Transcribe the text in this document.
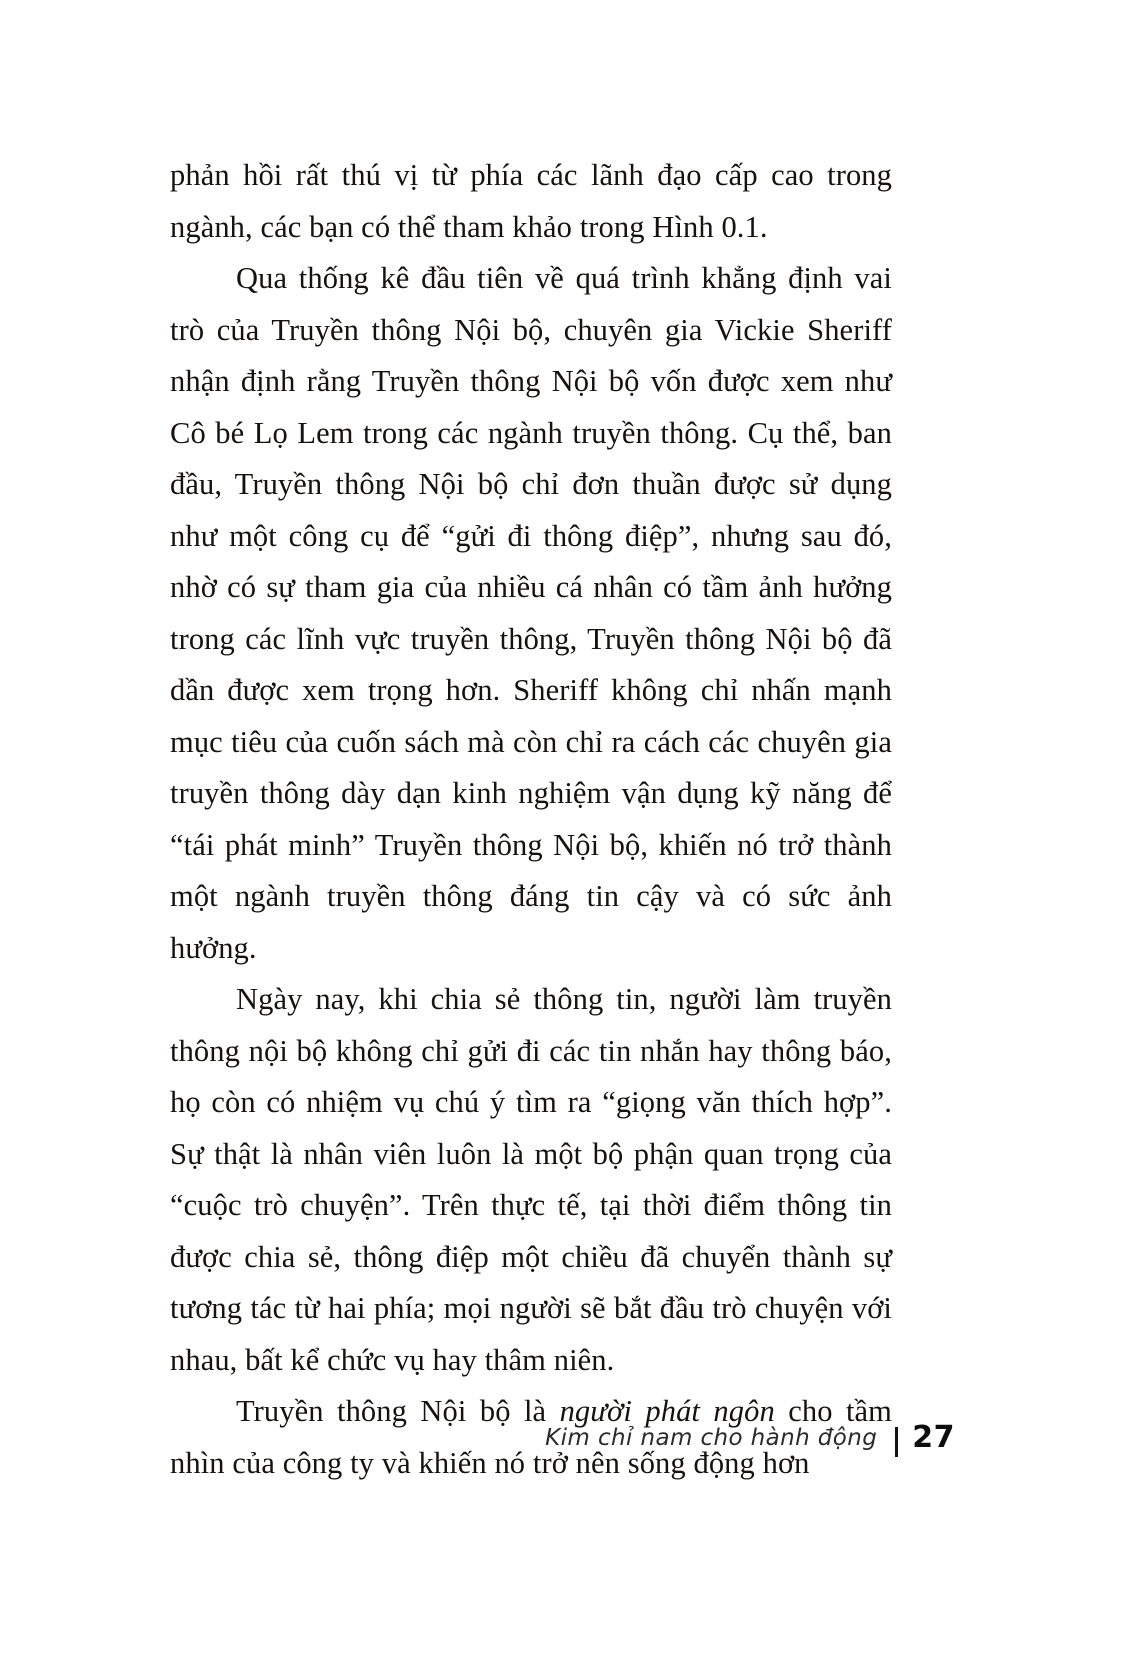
phản hồi rất thú vị từ phía các lãnh đạo cấp cao trong ngành, các bạn có thể tham khảo trong Hình 0.1.

Qua thống kê đầu tiên về quá trình khẳng định vai trò của Truyền thông Nội bộ, chuyên gia Vickie Sheriff nhận định rằng Truyền thông Nội bộ vốn được xem như Cô bé Lọ Lem trong các ngành truyền thông. Cụ thể, ban đầu, Truyền thông Nội bộ chỉ đơn thuần được sử dụng như một công cụ để “gửi đi thông điệp”, nhưng sau đó, nhờ có sự tham gia của nhiều cá nhân có tầm ảnh hưởng trong các lĩnh vực truyền thông, Truyền thông Nội bộ đã dần được xem trọng hơn. Sheriff không chỉ nhấn mạnh mục tiêu của cuốn sách mà còn chỉ ra cách các chuyên gia truyền thông dày dạn kinh nghiệm vận dụng kỹ năng để “tái phát minh” Truyền thông Nội bộ, khiến nó trở thành một ngành truyền thông đáng tin cậy và có sức ảnh hưởng.

Ngày nay, khi chia sẻ thông tin, người làm truyền thông nội bộ không chỉ gửi đi các tin nhắn hay thông báo, họ còn có nhiệm vụ chú ý tìm ra “giọng văn thích hợp”. Sự thật là nhân viên luôn là một bộ phận quan trọng của “cuộc trò chuyện”. Trên thực tế, tại thời điểm thông tin được chia sẻ, thông điệp một chiều đã chuyển thành sự tương tác từ hai phía; mọi người sẽ bắt đầu trò chuyện với nhau, bất kể chức vụ hay thâm niên.

Truyền thông Nội bộ là người phát ngôn cho tầm nhìn của công ty và khiến nó trở nên sống động hơn

Kim chỉ nam cho hành động 27
